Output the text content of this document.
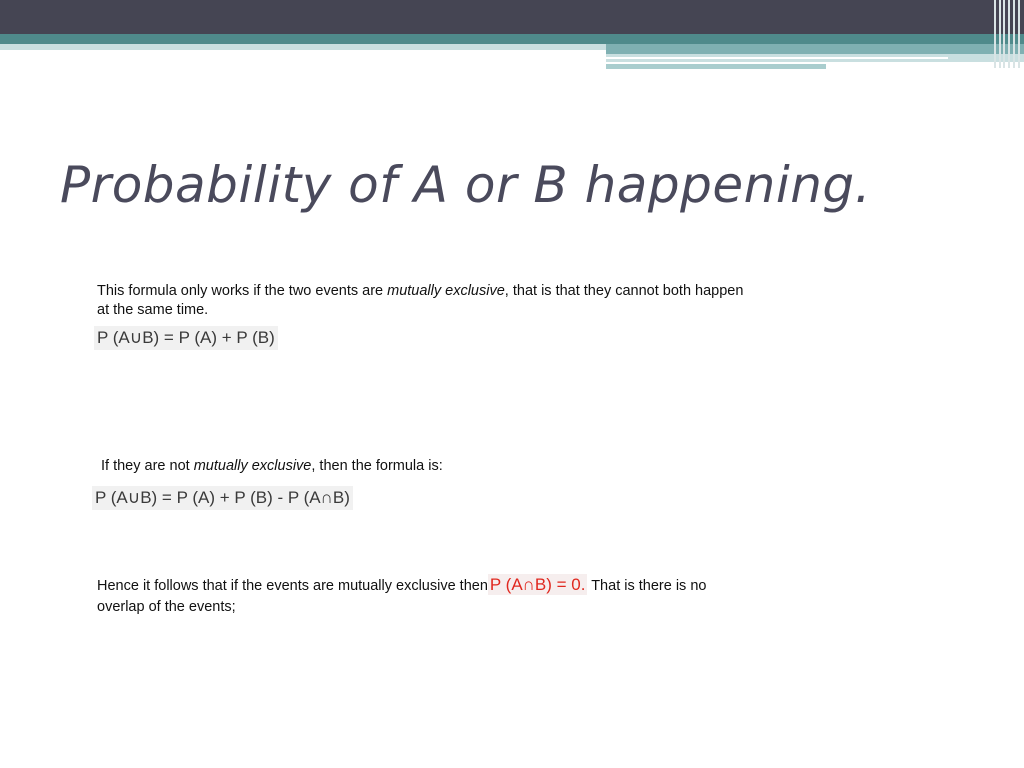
Probability of A or B happening.
This formula only works if the two events are mutually exclusive, that is that they cannot both happen at the same time.
P (A∪B) = P (A) + P (B)
If they are not mutually exclusive, then the formula is:
P (A∪B) = P (A) + P (B) - P (A∩B)
Hence it follows that if the events are mutually exclusive then P (A∩B) = 0. That is there is no overlap of the events;
